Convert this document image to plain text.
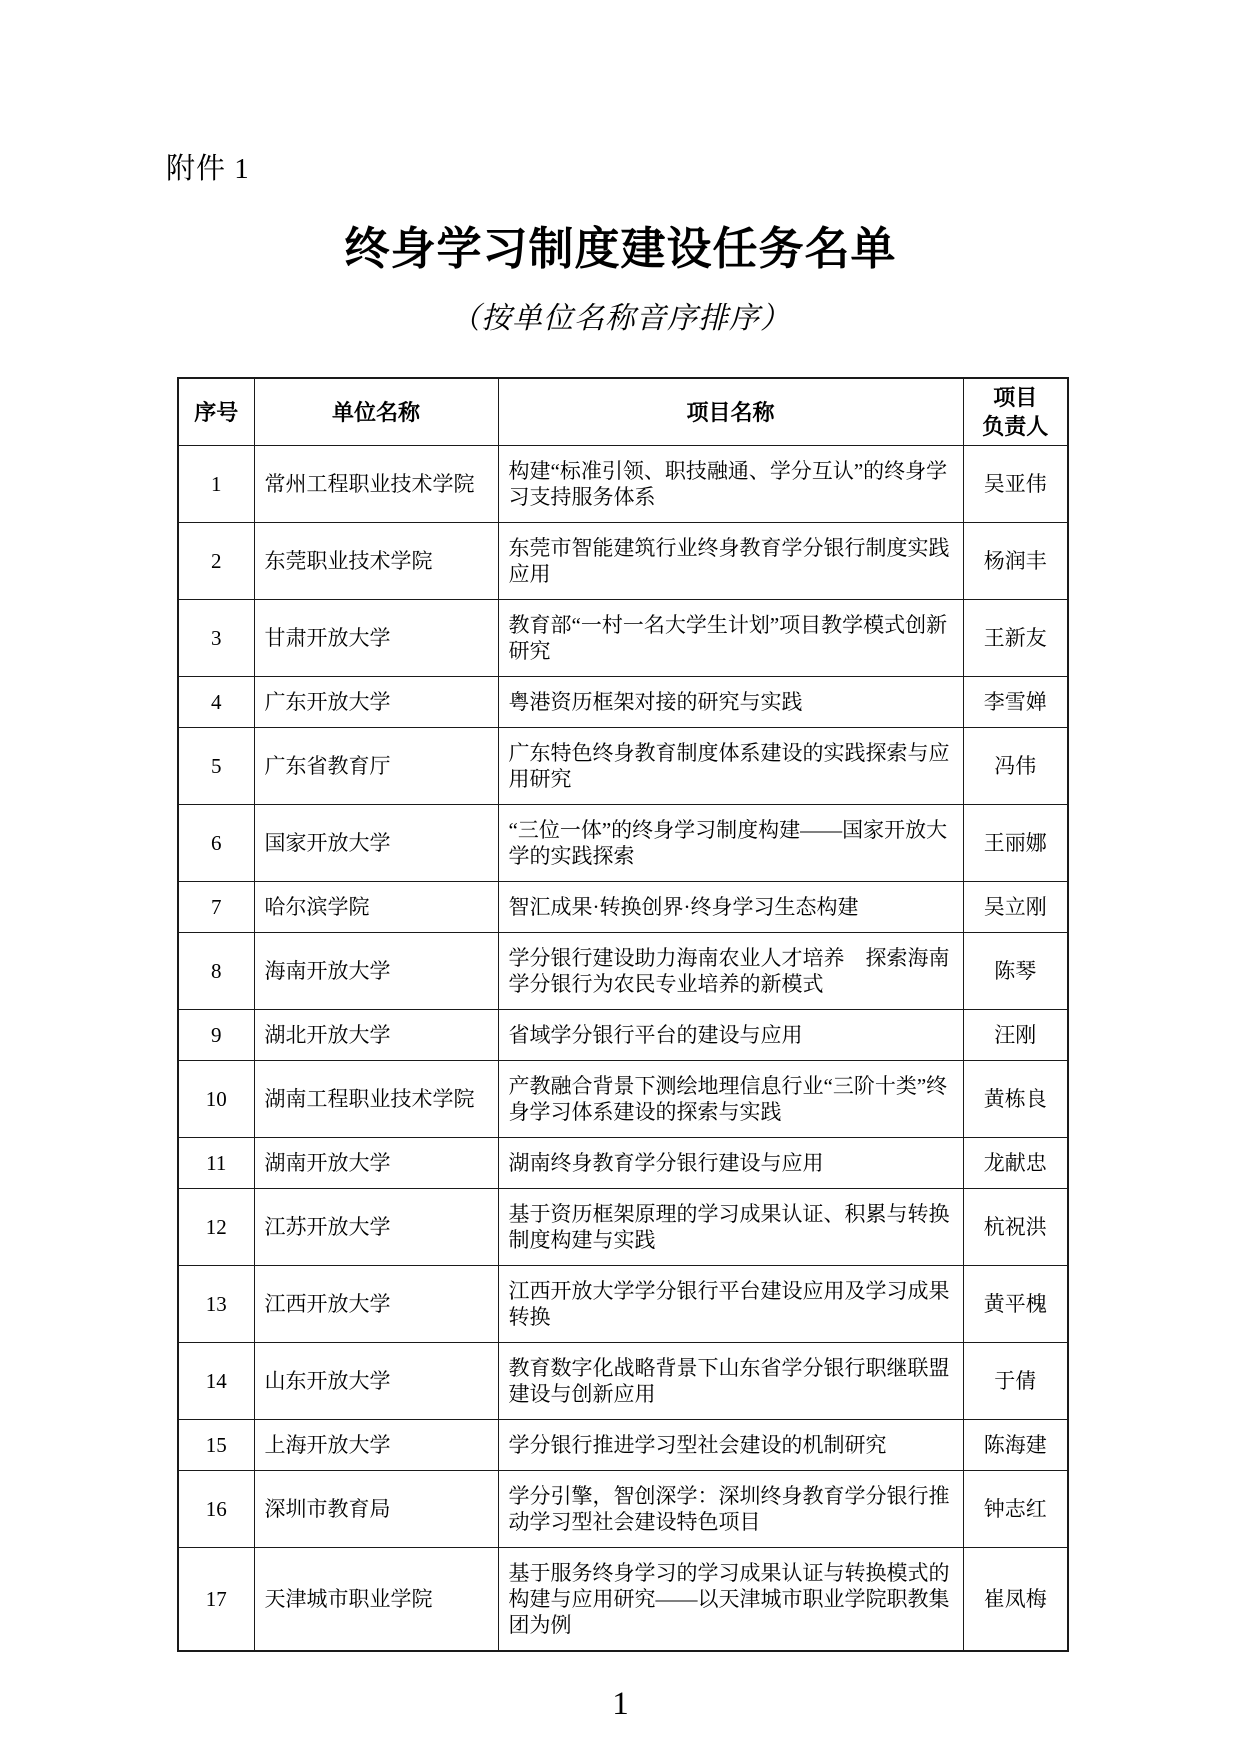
附件 1
终身学习制度建设任务名单
（按单位名称音序排序）
序号	单位名称	项目名称	项目
负责人

1	常州工程职业技术学院	构建“标准引领、职技融通、学分互认”的终身学习支持服务体系	吴亚伟
2	东莞职业技术学院	东莞市智能建筑行业终身教育学分银行制度实践应用	杨润丰
3	甘肃开放大学	教育部“一村一名大学生计划”项目教学模式创新研究	王新友
4	广东开放大学	粤港资历框架对接的研究与实践	李雪婵
5	广东省教育厅	广东特色终身教育制度体系建设的实践探索与应用研究	冯伟
6	国家开放大学	“三位一体”的终身学习制度构建——国家开放大学的实践探索	王丽娜
7	哈尔滨学院	智汇成果·转换创界·终身学习生态构建	吴立刚
8	海南开放大学	学分银行建设助力海南农业人才培养　探索海南学分银行为农民专业培养的新模式	陈琴
9	湖北开放大学	省域学分银行平台的建设与应用	汪刚
10	湖南工程职业技术学院	产教融合背景下测绘地理信息行业“三阶十类”终身学习体系建设的探索与实践	黄栋良
11	湖南开放大学	湖南终身教育学分银行建设与应用	龙献忠
12	江苏开放大学	基于资历框架原理的学习成果认证、积累与转换制度构建与实践	杭祝洪
13	江西开放大学	江西开放大学学分银行平台建设应用及学习成果转换	黄平槐
14	山东开放大学	教育数字化战略背景下山东省学分银行职继联盟建设与创新应用	于倩
15	上海开放大学	学分银行推进学习型社会建设的机制研究	陈海建
16	深圳市教育局	学分引擎，智创深学：深圳终身教育学分银行推动学习型社会建设特色项目	钟志红
17	天津城市职业学院	基于服务终身学习的学习成果认证与转换模式的构建与应用研究——以天津城市职业学院职教集团为例	崔凤梅
1
